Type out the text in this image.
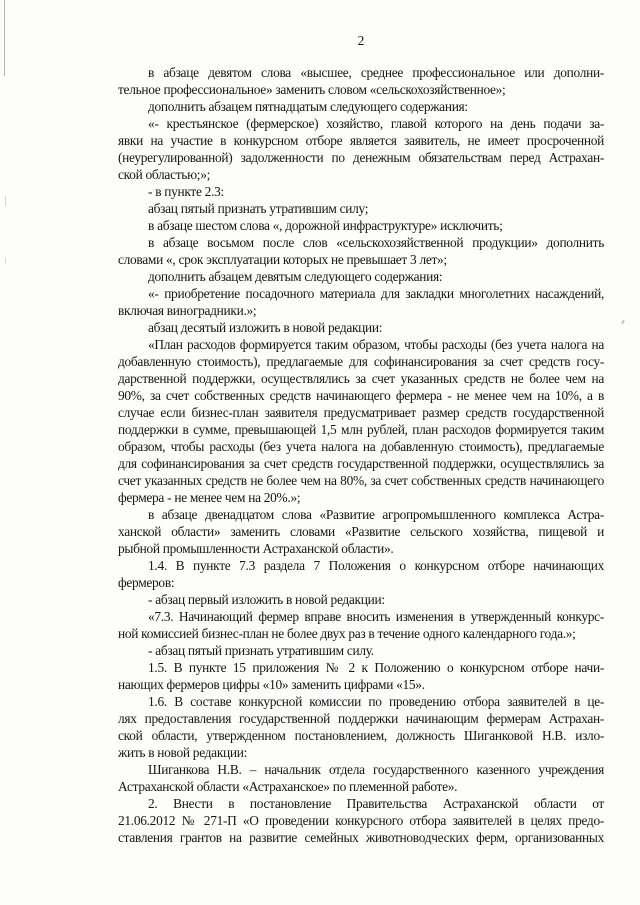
2
в абзаце девятом слова «высшее, среднее профессиональное или дополни-
тельное профессиональное» заменить словом «сельскохозяйственное»;
дополнить абзацем пятнадцатым следующего содержания:
«- крестьянское (фермерское) хозяйство, главой которого на день подачи за-
явки на участие в конкурсном отборе является заявитель, не имеет просроченной
(неурегулированной) задолженности по денежным обязательствам перед Астрахан-
ской областью;»;
- в пункте 2.3:
абзац пятый признать утратившим силу;
в абзаце шестом слова «, дорожной инфраструктуре» исключить;
в абзаце восьмом после слов «сельскохозяйственной продукции» дополнить
словами «, срок эксплуатации которых не превышает 3 лет»;
дополнить абзацем девятым следующего содержания:
«- приобретение посадочного материала для закладки многолетних насаждений,
включая виноградники.»;
абзац десятый изложить в новой редакции:
«План расходов формируется таким образом, чтобы расходы (без учета налога на
добавленную стоимость), предлагаемые для софинансирования за счет средств госу-
дарственной поддержки, осуществлялись за счет указанных средств не более чем на
90%, за счет собственных средств начинающего фермера - не менее чем на 10%, а в
случае если бизнес-план заявителя предусматривает размер средств государственной
поддержки в сумме, превышающей 1,5 млн рублей, план расходов формируется таким
образом, чтобы расходы (без учета налога на добавленную стоимость), предлагаемые
для софинансирования за счет средств государственной поддержки, осуществлялись за
счет указанных средств не более чем на 80%, за счет собственных средств начинающего
фермера - не менее чем на 20%.»;
в абзаце двенадцатом слова «Развитие агропромышленного комплекса Астра-
ханской области» заменить словами «Развитие сельского хозяйства, пищевой и
рыбной промышленности Астраханской области».
1.4. В пункте 7.3 раздела 7 Положения о конкурсном отборе начинающих
фермеров:
- абзац первый изложить в новой редакции:
«7.3. Начинающий фермер вправе вносить изменения в утвержденный конкурс-
ной комиссией бизнес-план не более двух раз в течение одного календарного года.»;
- абзац пятый признать утратившим силу.
1.5. В пункте 15 приложения № 2 к Положению о конкурсном отборе начи-
нающих фермеров цифры «10» заменить цифрами «15».
1.6. В составе конкурсной комиссии по проведению отбора заявителей в це-
лях предоставления государственной поддержки начинающим фермерам Астрахан-
ской области, утвержденном постановлением, должность Шиганковой Н.В. изло-
жить в новой редакции:
Шиганкова Н.В. – начальник отдела государственного казенного учреждения
Астраханской области «Астраханское» по племенной работе».
2. Внести в постановление Правительства Астраханской области от
21.06.2012 № 271-П «О проведении конкурсного отбора заявителей в целях предо-
ставления грантов на развитие семейных животноводческих ферм, организованных
